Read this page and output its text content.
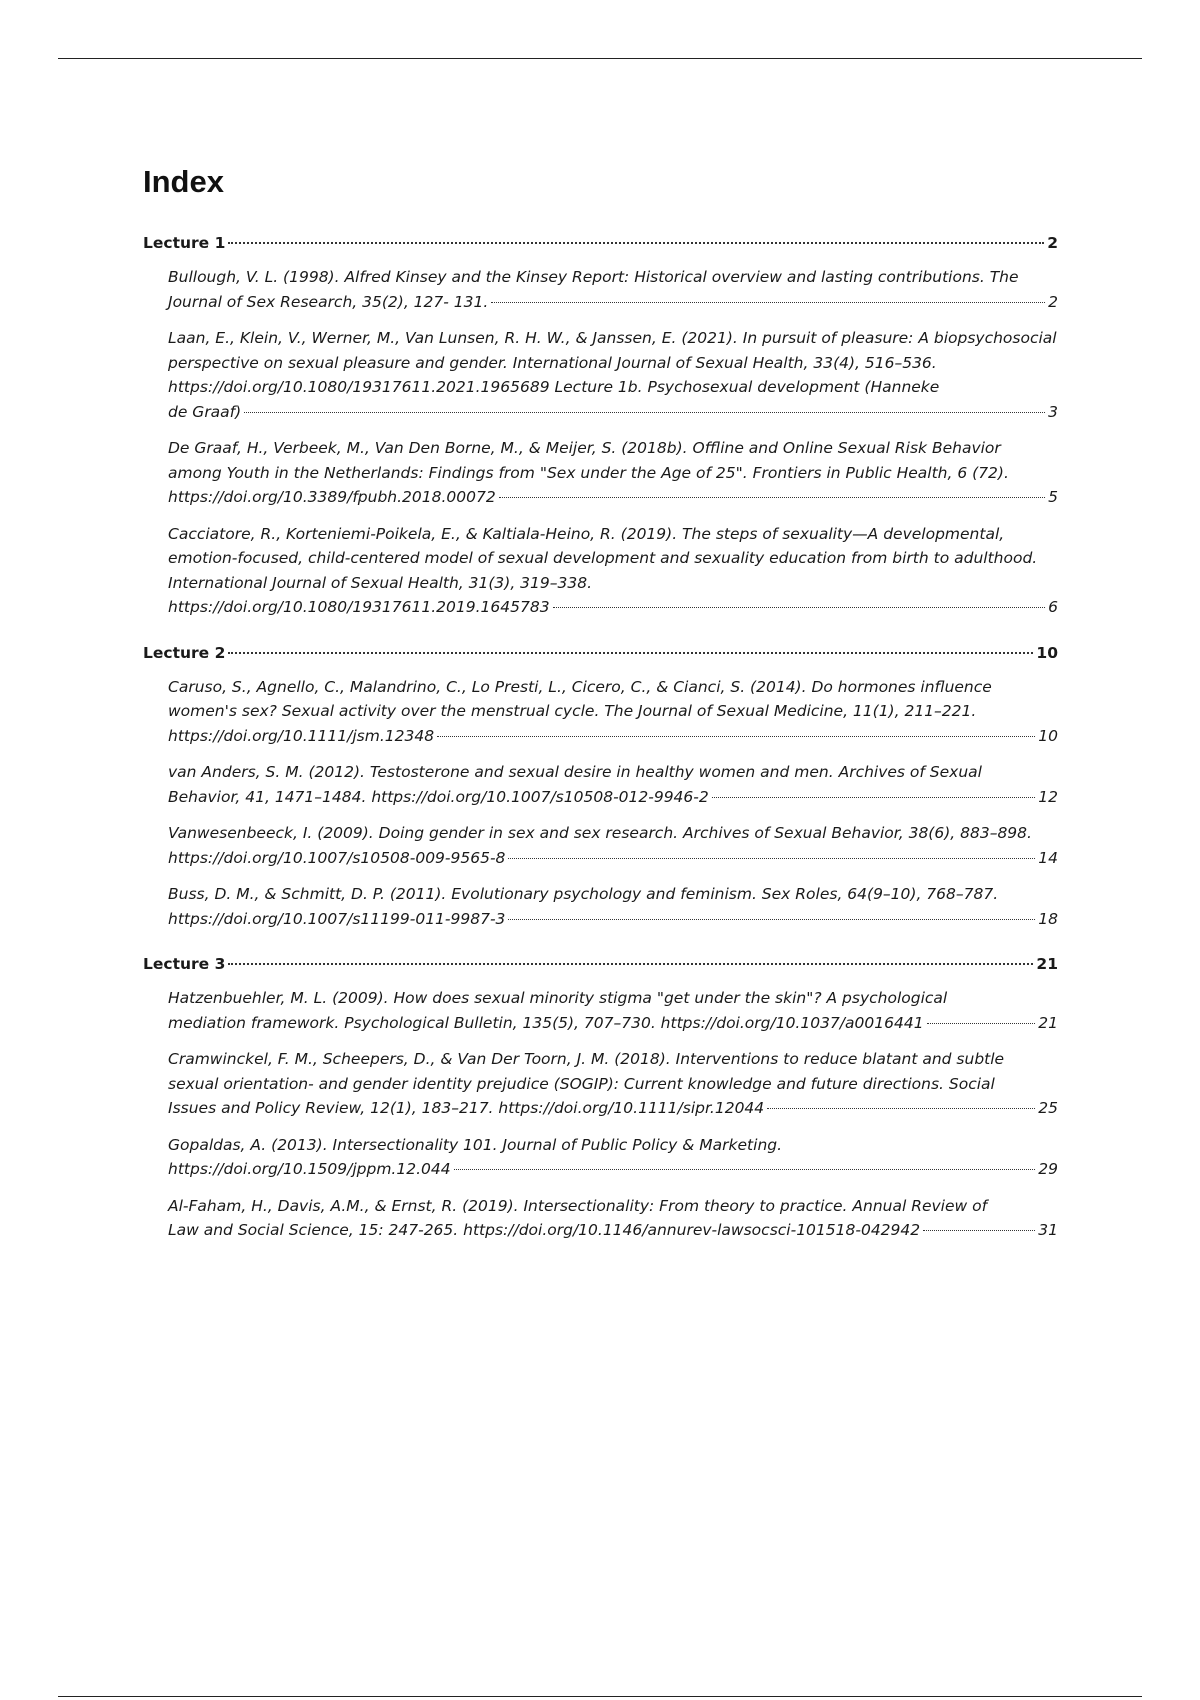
Index
Lecture 1	2
Bullough, V. L. (1998). Alfred Kinsey and the Kinsey Report: Historical overview and lasting contributions. The
Journal of Sex Research, 35(2), 127- 131.	2
Laan, E., Klein, V., Werner, M., Van Lunsen, R. H. W., & Janssen, E. (2021). In pursuit of pleasure: A biopsychosocial perspective on sexual pleasure and gender. International Journal of Sexual Health, 33(4), 516–536. https://doi.org/10.1080/19317611.2021.1965689 Lecture 1b. Psychosexual development (Hanneke
de Graaf)	3
De Graaf, H., Verbeek, M., Van Den Borne, M., & Meijer, S. (2018b). Offline and Online Sexual Risk Behavior among Youth in the Netherlands: Findings from "Sex under the Age of 25". Frontiers in Public Health, 6 (72).
https://doi.org/10.3389/fpubh.2018.00072	5
Cacciatore, R., Korteniemi-Poikela, E., & Kaltiala-Heino, R. (2019). The steps of sexuality—A developmental, emotion-focused, child-centered model of sexual development and sexuality education from birth to adulthood. International Journal of Sexual Health, 31(3), 319–338.
https://doi.org/10.1080/19317611.2019.1645783	6
Lecture 2	10
Caruso, S., Agnello, C., Malandrino, C., Lo Presti, L., Cicero, C., & Cianci, S. (2014). Do hormones influence women's sex? Sexual activity over the menstrual cycle. The Journal of Sexual Medicine, 11(1), 211–221.
https://doi.org/10.1111/jsm.12348	10
van Anders, S. M. (2012). Testosterone and sexual desire in healthy women and men. Archives of Sexual
Behavior, 41, 1471–1484. https://doi.org/10.1007/s10508-012-9946-2	12
Vanwesenbeeck, I. (2009). Doing gender in sex and sex research. Archives of Sexual Behavior, 38(6), 883–898.
https://doi.org/10.1007/s10508-009-9565-8	14
Buss, D. M., & Schmitt, D. P. (2011). Evolutionary psychology and feminism. Sex Roles, 64(9–10), 768–787.
https://doi.org/10.1007/s11199-011-9987-3	18
Lecture 3	21
Hatzenbuehler, M. L. (2009). How does sexual minority stigma "get under the skin"? A psychological
mediation framework. Psychological Bulletin, 135(5), 707–730. https://doi.org/10.1037/a0016441	21
Cramwinckel, F. M., Scheepers, D., & Van Der Toorn, J. M. (2018). Interventions to reduce blatant and subtle sexual orientation- and gender identity prejudice (SOGIP): Current knowledge and future directions. Social
Issues and Policy Review, 12(1), 183–217. https://doi.org/10.1111/sipr.12044	25
Gopaldas, A. (2013). Intersectionality 101. Journal of Public Policy & Marketing.
https://doi.org/10.1509/jppm.12.044	29
Al-Faham, H., Davis, A.M., & Ernst, R. (2019). Intersectionality: From theory to practice. Annual Review of
Law and Social Science, 15: 247-265. https://doi.org/10.1146/annurev-lawsocsci-101518-042942	31
